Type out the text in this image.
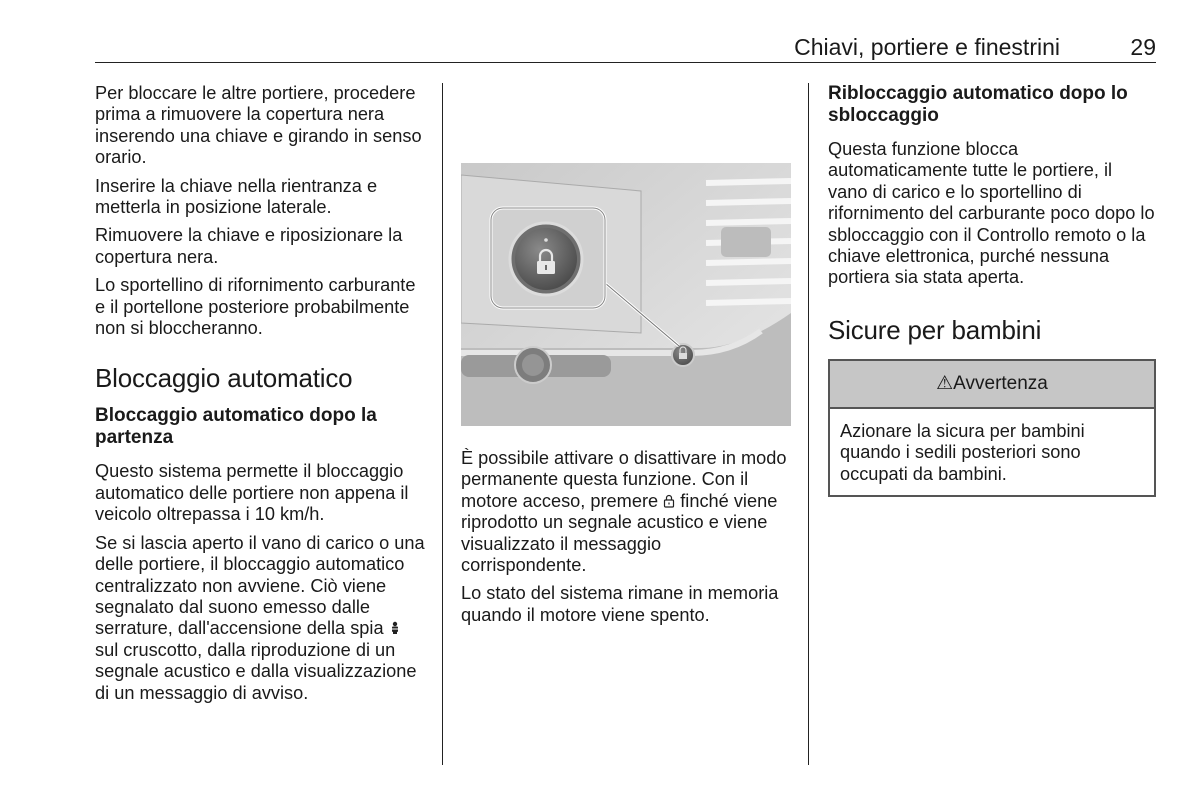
Chiavi, portiere e finestrini	29

Per bloccare le altre portiere, procedere prima a rimuovere la copertura nera inserendo una chiave e girando in senso orario.

Inserire la chiave nella rientranza e metterla in posizione laterale.

Rimuovere la chiave e riposizionare la copertura nera.

Lo sportellino di rifornimento carburante e il portellone posteriore probabilmente non si bloccheranno.

Bloccaggio automatico
Bloccaggio automatico dopo la partenza

Questo sistema permette il bloccaggio automatico delle portiere non appena il veicolo oltrepassa i 10 km/h.

Se si lascia aperto il vano di carico o una delle portiere, il bloccaggio automatico centralizzato non avviene. Ciò viene segnalato dal suono emesso dalle serrature, dall'accensione della spia  sul cruscotto, dalla riproduzione di un segnale acustico e dalla visualizzazione di un messaggio di avviso.

È possibile attivare o disattivare in modo permanente questa funzione. Con il motore acceso, premere finché viene riprodotto un segnale acustico e viene visualizzato il messaggio corrispondente.

Lo stato del sistema rimane in memoria quando il motore viene spento.

Ribloccaggio automatico dopo lo sbloccaggio

Questa funzione blocca automaticamente tutte le portiere, il vano di carico e lo sportellino di rifornimento del carburante poco dopo lo sbloccaggio con il Controllo remoto o la chiave elettronica, purché nessuna portiera sia stata aperta.

Sicure per bambini
⚠ Avvertenza

Azionare la sicura per bambini quando i sedili posteriori sono occupati da bambini.
